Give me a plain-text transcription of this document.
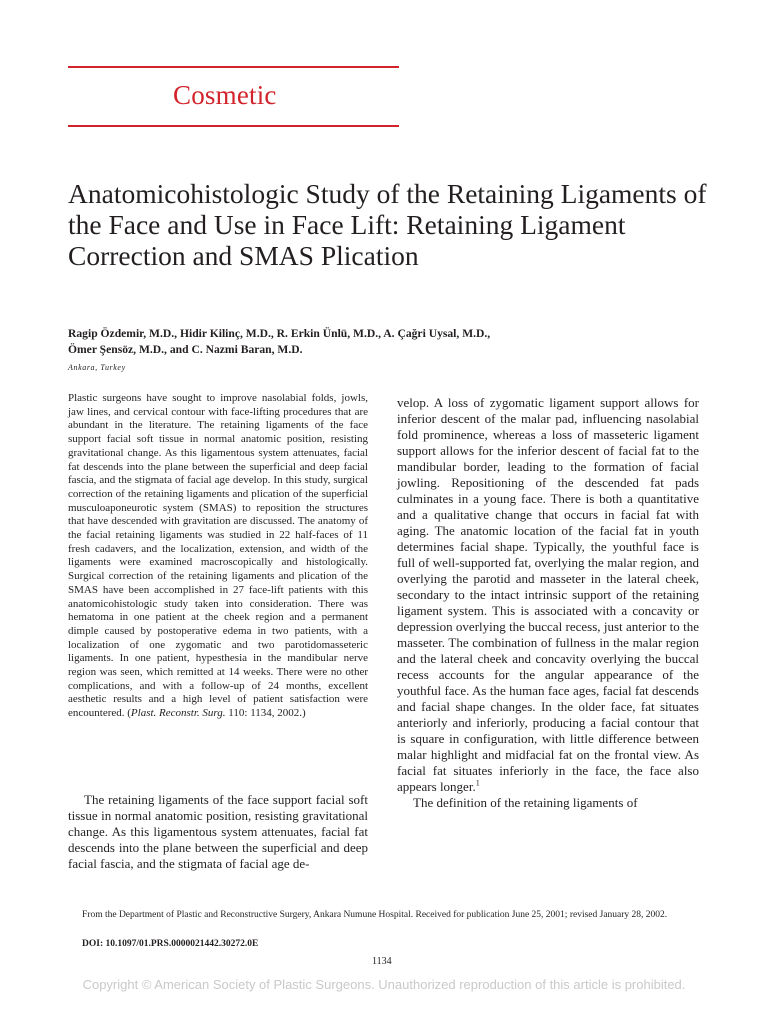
Cosmetic
Anatomicohistologic Study of the Retaining Ligaments of the Face and Use in Face Lift: Retaining Ligament Correction and SMAS Plication
Ragip Özdemir, M.D., Hidir Kilinç, M.D., R. Erkin Ünlü, M.D., A. Çağri Uysal, M.D.,
Ömer Şensöz, M.D., and C. Nazmi Baran, M.D.
Ankara, Turkey

Plastic surgeons have sought to improve nasolabial folds, jowls, jaw lines, and cervical contour with face-lifting procedures that are abundant in the literature. The retaining ligaments of the face support facial soft tissue in normal anatomic position, resisting gravitational change. As this ligamentous system attenuates, facial fat descends into the plane between the superficial and deep facial fascia, and the stigmata of facial age develop. In this study, surgical correction of the retaining ligaments and plication of the superficial musculoaponeurotic system (SMAS) to reposition the structures that have descended with gravitation are discussed. The anatomy of the facial retaining ligaments was studied in 22 half-faces of 11 fresh cadavers, and the localization, extension, and width of the ligaments were examined macroscopically and histologically. Surgical correction of the retaining ligaments and plication of the SMAS have been accomplished in 27 face-lift patients with this anatomicohistologic study taken into consideration. There was hematoma in one patient at the cheek region and a permanent dimple caused by postoperative edema in two patients, with a localization of one zygomatic and two parotidomasseteric ligaments. In one patient, hypesthesia in the mandibular nerve region was seen, which remitted at 14 weeks. There were no other complications, and with a follow-up of 24 months, excellent aesthetic results and a high level of patient satisfaction were encountered. (Plast. Reconstr. Surg. 110: 1134, 2002.)

The retaining ligaments of the face support facial soft tissue in normal anatomic position, resisting gravitational change. As this ligamentous system attenuates, facial fat descends into the plane between the superficial and deep facial fascia, and the stigmata of facial age de-

velop. A loss of zygomatic ligament support allows for inferior descent of the malar pad, influencing nasolabial fold prominence, whereas a loss of masseteric ligament support allows for the inferior descent of facial fat to the mandibular border, leading to the formation of facial jowling. Repositioning of the descended fat pads culminates in a young face. There is both a quantitative and a qualitative change that occurs in facial fat with aging. The anatomic location of the facial fat in youth determines facial shape. Typically, the youthful face is full of well-supported fat, overlying the malar region, and overlying the parotid and masseter in the lateral cheek, secondary to the intact intrinsic support of the retaining ligament system. This is associated with a concavity or depression overlying the buccal recess, just anterior to the masseter. The combination of fullness in the malar region and the lateral cheek and concavity overlying the buccal recess accounts for the angular appearance of the youthful face. As the human face ages, facial fat descends and facial shape changes. In the older face, fat situates anteriorly and inferiorly, producing a facial contour that is square in configuration, with little difference between malar highlight and midfacial fat on the frontal view. As facial fat situates inferiorly in the face, the face also appears longer.$^1$

The definition of the retaining ligaments of

From the Department of Plastic and Reconstructive Surgery, Ankara Numune Hospital. Received for publication June 25, 2001; revised January 28, 2002.

DOI: 10.1097/01.PRS.0000021442.30272.0E
1134
Copyright © American Society of Plastic Surgeons. Unauthorized reproduction of this article is prohibited.
